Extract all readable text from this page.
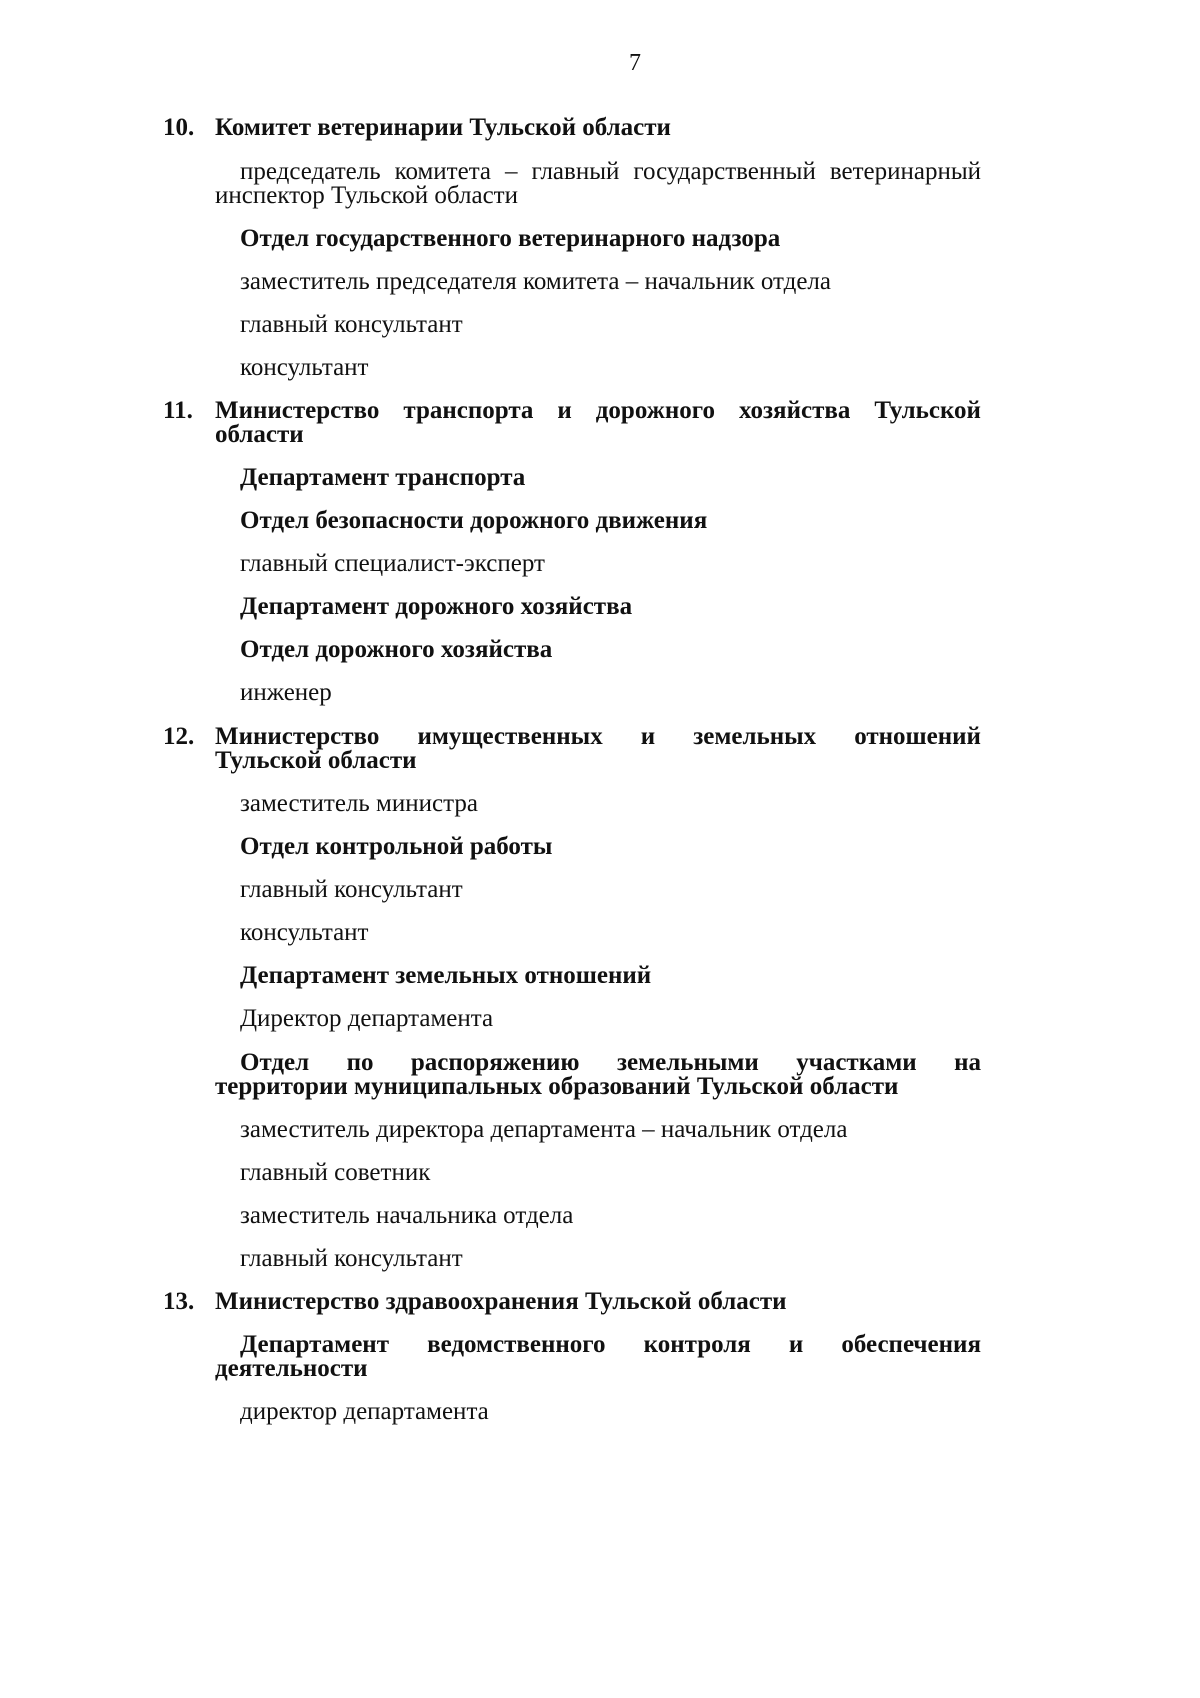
7
10. Комитет ветеринарии Тульской области
председатель комитета – главный государственный ветеринарный
инспектор Тульской области
Отдел государственного ветеринарного надзора
заместитель председателя комитета – начальник отдела
главный консультант
консультант
11. Министерство транспорта и дорожного хозяйства Тульской
области
Департамент транспорта
Отдел безопасности дорожного движения
главный специалист-эксперт
Департамент дорожного хозяйства
Отдел дорожного хозяйства
инженер
12. Министерство имущественных и земельных отношений
Тульской области
заместитель министра
Отдел контрольной работы
главный консультант
консультант
Департамент земельных отношений
Директор департамента
Отдел по распоряжению земельными участками на
территории муниципальных образований Тульской области
заместитель директора департамента – начальник отдела
главный советник
заместитель начальника отдела
главный консультант
13. Министерство здравоохранения Тульской области
Департамент ведомственного контроля и обеспечения
деятельности
директор департамента
